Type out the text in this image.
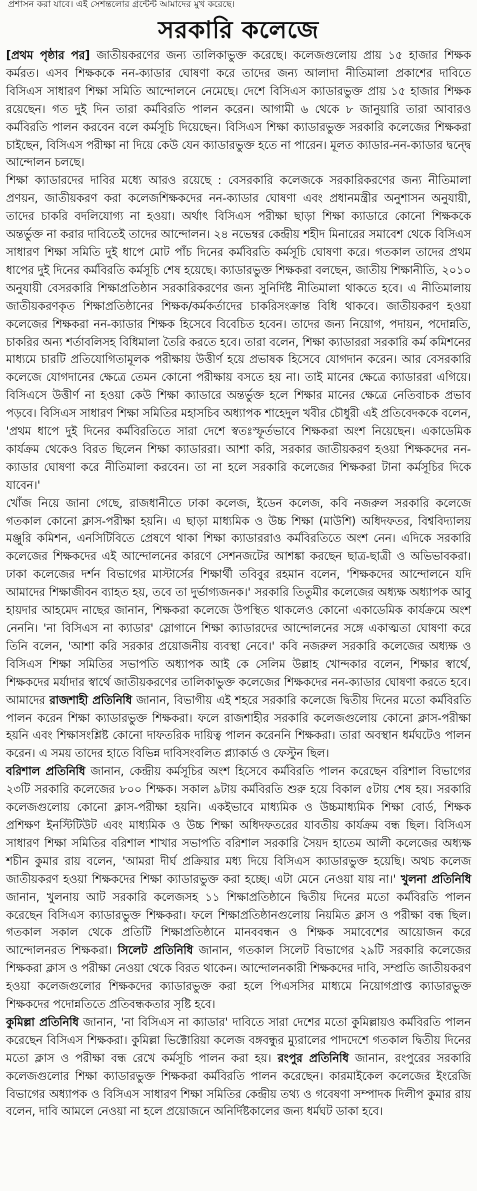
প্রশাসন করা যাবে। এই সেশন্তলোর গ্রন্টেন্ট আমাদের মুখ করেছে।
সরকারি কলেজে

[প্রথম পৃষ্ঠার পর] জাতীয়করণের জন্য তালিকাভুক্ত করেছে। কলেজগুলোয় প্রায় ১৫ হাজার শিক্ষক কর্মরত। এসব শিক্ষককে নন-ক্যাডার ঘোষণা করে তাদের জন্য আলাদা নীতিমালা প্রকাশের দাবিতে বিসিএস সাধারণ শিক্ষা সমিতি আন্দোলনে নেমেছে। দেশে বিসিএস ক্যাডারভুক্ত প্রায় ১৫ হাজার শিক্ষক রয়েছেন। গত দুই দিন তারা কর্মবিরতি পালন করেন। আগামী ৬ থেকে ৮ জানুয়ারি তারা আবারও কর্মবিরতি পালন করবেন বলে কর্মসূচি দিয়েছেন। বিসিএস শিক্ষা ক্যাডারভুক্ত সরকারি কলেজের শিক্ষকরা চাইছেন, বিসিএস পরীক্ষা না দিয়ে কেউ যেন ক্যাডারভুক্ত হতে না পারেন। মূলত ক্যাডার-নন-ক্যাডার দ্বন্দ্বে আন্দোলন চলছে।

শিক্ষা ক্যাডারদের দাবির মধ্যে আরও রয়েছে : বেসরকারি কলেজকে সরকারিকরণের জন্য নীতিমালা প্রণয়ন, জাতীয়করণ করা কলেজশিক্ষকদের নন-ক্যাডার ঘোষণা এবং প্রধানমন্ত্রীর অনুশাসন অনুযায়ী, তাদের চাকরি বদলিযোগ্য না হওয়া। অর্থাৎ বিসিএস পরীক্ষা ছাড়া শিক্ষা ক্যাডারে কোনো শিক্ষককে অন্তর্ভুক্ত না করার দাবিতেই তাদের আন্দোলন। ২৪ নভেম্বর কেন্দ্রীয় শহীদ মিনারের সমাবেশ থেকে বিসিএস সাধারণ শিক্ষা সমিতি দুই ধাপে মোট পাঁচ দিনের কর্মবিরতি কর্মসূচি ঘোষণা করে। গতকাল তাদের প্রথম ধাপের দুই দিনের কর্মবিরতি কর্মসূচি শেষ হয়েছে। ক্যাডারভুক্ত শিক্ষকরা বলছেন, জাতীয় শিক্ষানীতি, ২০১০ অনুযায়ী বেসরকারি শিক্ষাপ্রতিষ্ঠান সরকারিকরণের জন্য সুনির্দিষ্ট নীতিমালা থাকতে হবে। এ নীতিমালায় জাতীয়করণকৃত শিক্ষাপ্রতিষ্ঠানের শিক্ষক/কর্মকর্তাদের চাকরিসংক্রান্ত বিধি থাকবে। জাতীয়করণ হওয়া কলেজের শিক্ষকরা নন-ক্যাডার শিক্ষক হিসেবে বিবেচিত হবেন। তাদের জন্য নিয়োগ, পদায়ন, পদোন্নতি, চাকরির অন্য শর্তাবলিসহ বিধিমালা তৈরি করতে হবে। তারা বলেন, শিক্ষা ক্যাডাররা সরকারি কর্ম কমিশনের মাধ্যমে চারটি প্রতিযোগিতামূলক পরীক্ষায় উত্তীর্ণ হয়ে প্রভাষক হিসেবে যোগদান করেন। আর বেসরকারি কলেজে যোগদানের ক্ষেত্রে তেমন কোনো পরীক্ষায় বসতে হয় না। তাই মানের ক্ষেত্রে ক্যাডাররা এগিয়ে। বিসিএসে উত্তীর্ণ না হওয়া কেউ শিক্ষা ক্যাডারে অন্তর্ভুক্ত হলে শিক্ষার মানের ক্ষেত্রে নেতিবাচক প্রভাব পড়বে। বিসিএস সাধারণ শিক্ষা সমিতির মহাসচিব অধ্যাপক শাহেদুল খবীর চৌধুরী এই প্রতিবেদককে বলেন, 'প্রথম ধাপে দুই দিনের কর্মবিরতিতে সারা দেশে স্বতঃস্ফূর্তভাবে শিক্ষকরা অংশ নিয়েছেন। একাডেমিক কার্যক্রম থেকেও বিরত ছিলেন শিক্ষা ক্যাডাররা। আশা করি, সরকার জাতীয়করণ হওয়া শিক্ষকদের নন-ক্যাডার ঘোষণা করে নীতিমালা করবেন। তা না হলে সরকারি কলেজের শিক্ষকরা টানা কর্মসূচির দিকে যাবেন।'

খোঁজ নিয়ে জানা গেছে, রাজধানীতে ঢাকা কলেজ, ইডেন কলেজ, কবি নজরুল সরকারি কলেজে গতকাল কোনো ক্লাস-পরীক্ষা হয়নি। এ ছাড়া মাধ্যমিক ও উচ্চ শিক্ষা (মাউশি) অধিদফতর, বিশ্ববিদ্যালয় মঞ্জুরি কমিশন, এনসিটিবিতে প্রেষণে থাকা শিক্ষা ক্যাডাররাও কর্মবিরতিতে অংশ নেন। এদিকে সরকারি কলেজের শিক্ষকদের এই আন্দোলনের কারণে সেশনজটের আশঙ্কা করছেন ছাত্র-ছাত্রী ও অভিভাবকরা। ঢাকা কলেজের দর্শন বিভাগের মাস্টার্সের শিক্ষার্থী তবিবুর রহমান বলেন, 'শিক্ষকদের আন্দোলনে যদি আমাদের শিক্ষাজীবন ব্যাহত হয়, তবে তা দুর্ভাগ্যজনক।' সরকারি তিতুমীর কলেজের অধ্যক্ষ অধ্যাপক আবু হায়দার আহমেদ নাছের জানান, শিক্ষকরা কলেজে উপস্থিত থাকলেও কোনো একাডেমিক কার্যক্রমে অংশ নেননি। 'না বিসিএস না ক্যাডার' স্লোগানে শিক্ষা ক্যাডারদের আন্দোলনের সঙ্গে একাত্মতা ঘোষণা করে তিনি বলেন, 'আশা করি সরকার প্রয়োজনীয় ব্যবস্থা নেবে।' কবি নজরুল সরকারি কলেজের অধ্যক্ষ ও বিসিএস শিক্ষা সমিতির সভাপতি অধ্যাপক আই কে সেলিম উল্লাহ খোন্দকার বলেন, শিক্ষার স্বার্থে, শিক্ষকদের মর্যাদার স্বার্থে জাতীয়করণের তালিকাভুক্ত কলেজের শিক্ষকদের নন-ক্যাডার ঘোষণা করতে হবে। আমাদের রাজশাহী প্রতিনিধি জানান, বিভাগীয় এই শহরে সরকারি কলেজে দ্বিতীয় দিনের মতো কর্মবিরতি পালন করেন শিক্ষা ক্যাডারভুক্ত শিক্ষকরা। ফলে রাজশাহীর সরকারি কলেজগুলোয় কোনো ক্লাস-পরীক্ষা হয়নি এবং শিক্ষাসংশ্লিষ্ট কোনো দাফতরিক দায়িত্ব পালন করেননি শিক্ষকরা। তারা অবস্থান ধর্মঘটেও পালন করেন। এ সময় তাদের হাতে বিভিন্ন দাবিসংবলিত প্ল্যাকার্ড ও ফেস্টুন ছিল।

বরিশাল প্রতিনিধি জানান, কেন্দ্রীয় কর্মসূচির অংশ হিসেবে কর্মবিরতি পালন করেছেন বরিশাল বিভাগের ২৩টি সরকারি কলেজের ৮০০ শিক্ষক। সকাল ৯টায় কর্মবিরতি শুরু হয়ে বিকাল ৫টায় শেষ হয়। সরকারি কলেজগুলোয় কোনো ক্লাস-পরীক্ষা হয়নি। একইভাবে মাধ্যমিক ও উচ্চমাধ্যমিক শিক্ষা বোর্ড, শিক্ষক প্রশিক্ষণ ইনস্টিটিউট এবং মাধ্যমিক ও উচ্চ শিক্ষা অধিদফতরের যাবতীয় কার্যক্রম বন্ধ ছিল। বিসিএস সাধারণ শিক্ষা সমিতির বরিশাল শাখার সভাপতি বরিশাল সরকারি সৈয়দ হাতেম আলী কলেজের অধ্যক্ষ শচীন কুমার রায় বলেন, 'আমরা দীর্ঘ প্রক্রিয়ার মধ্য দিয়ে বিসিএস ক্যাডারভুক্ত হয়েছি। অথচ কলেজ জাতীয়করণ হওয়া শিক্ষকদের শিক্ষা ক্যাডারভুক্ত করা হচ্ছে। এটা মেনে নেওয়া যায় না।' খুলনা প্রতিনিধি জানান, খুলনায় আট সরকারি কলেজসহ ১১ শিক্ষাপ্রতিষ্ঠানে দ্বিতীয় দিনের মতো কর্মবিরতি পালন করেছেন বিসিএস ক্যাডারভুক্ত শিক্ষকরা। ফলে শিক্ষাপ্রতিষ্ঠানগুলোয় নিয়মিত ক্লাস ও পরীক্ষা বন্ধ ছিল। গতকাল সকাল থেকে প্রতিটি শিক্ষাপ্রতিষ্ঠানে মানববন্ধন ও শিক্ষক সমাবেশের আয়োজন করে আন্দোলনরত শিক্ষকরা। সিলেট প্রতিনিধি জানান, গতকাল সিলেট বিভাগের ২৯টি সরকারি কলেজের শিক্ষকরা ক্লাস ও পরীক্ষা নেওয়া থেকে বিরত থাকেন। আন্দোলনকারী শিক্ষকদের দাবি, সম্প্রতি জাতীয়করণ হওয়া কলেজগুলোর শিক্ষকদের ক্যাডারভুক্ত করা হলে পিএসসির মাধ্যমে নিয়োগপ্রাপ্ত ক্যাডারভুক্ত শিক্ষকদের পদোন্নতিতে প্রতিবন্ধকতার সৃষ্টি হবে।

কুমিল্লা প্রতিনিধি জানান, 'না বিসিএস না ক্যাডার' দাবিতে সারা দেশের মতো কুমিল্লায়ও কর্মবিরতি পালন করেছেন বিসিএস শিক্ষকরা। কুমিল্লা ভিক্টোরিয়া কলেজ বঙ্গবন্ধুর ম্যুরালের পাদদেশে গতকাল দ্বিতীয় দিনের মতো ক্লাস ও পরীক্ষা বন্ধ রেখে কর্মসূচি পালন করা হয়। রংপুর প্রতিনিধি জানান, রংপুরের সরকারি কলেজগুলোর শিক্ষা ক্যাডারভুক্ত শিক্ষকরা কর্মবিরতি পালন করেছেন। কারমাইকেল কলেজের ইংরেজি বিভাগের অধ্যাপক ও বিসিএস সাধারণ শিক্ষা সমিতির কেন্দ্রীয় তথ্য ও গবেষণা সম্পাদক দিলীপ কুমার রায় বলেন, দাবি আমলে নেওয়া না হলে প্রয়োজনে অনির্দিষ্টকালের জন্য ধর্মঘট ডাকা হবে।
